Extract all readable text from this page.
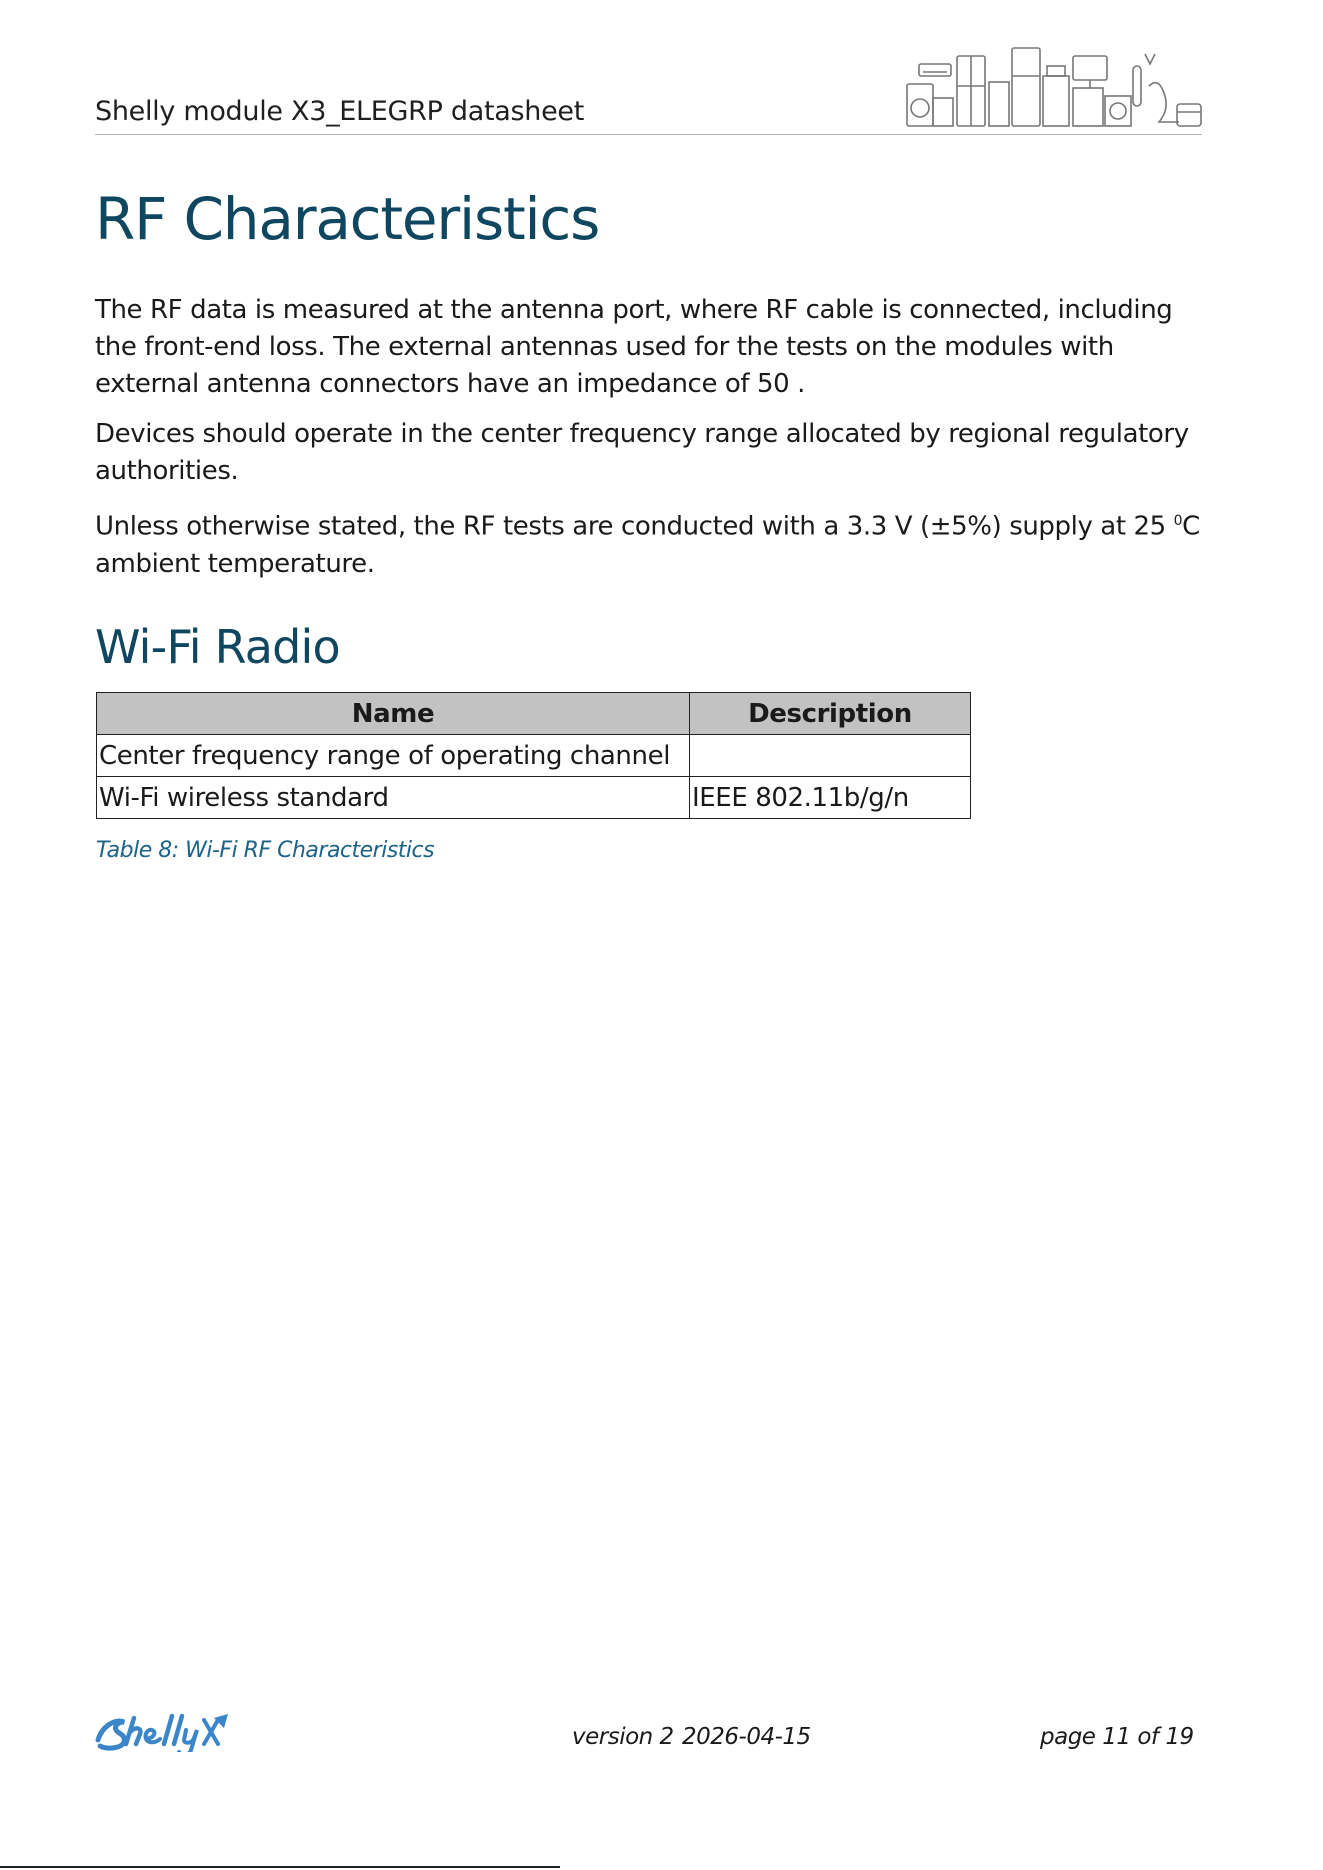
Shelly module X3_ELEGRP datasheet
RF Characteristics

The RF data is measured at the antenna port, where RF cable is connected, including the front-end loss. The external antennas used for the tests on the modules with external antenna connectors have an impedance of 50 .

Devices should operate in the center frequency range allocated by regional regulatory authorities.

Unless otherwise stated, the RF tests are conducted with a 3.3 V (±5%) supply at 25 $^0$C ambient temperature.

Wi-Fi Radio
Name	Description
Center frequency range of operating channel	
Wi-Fi wireless standard	IEEE 802.11b/g/n
Table 8: Wi-Fi RF Characteristics
version 2 2026-04-15	page 11 of 19
